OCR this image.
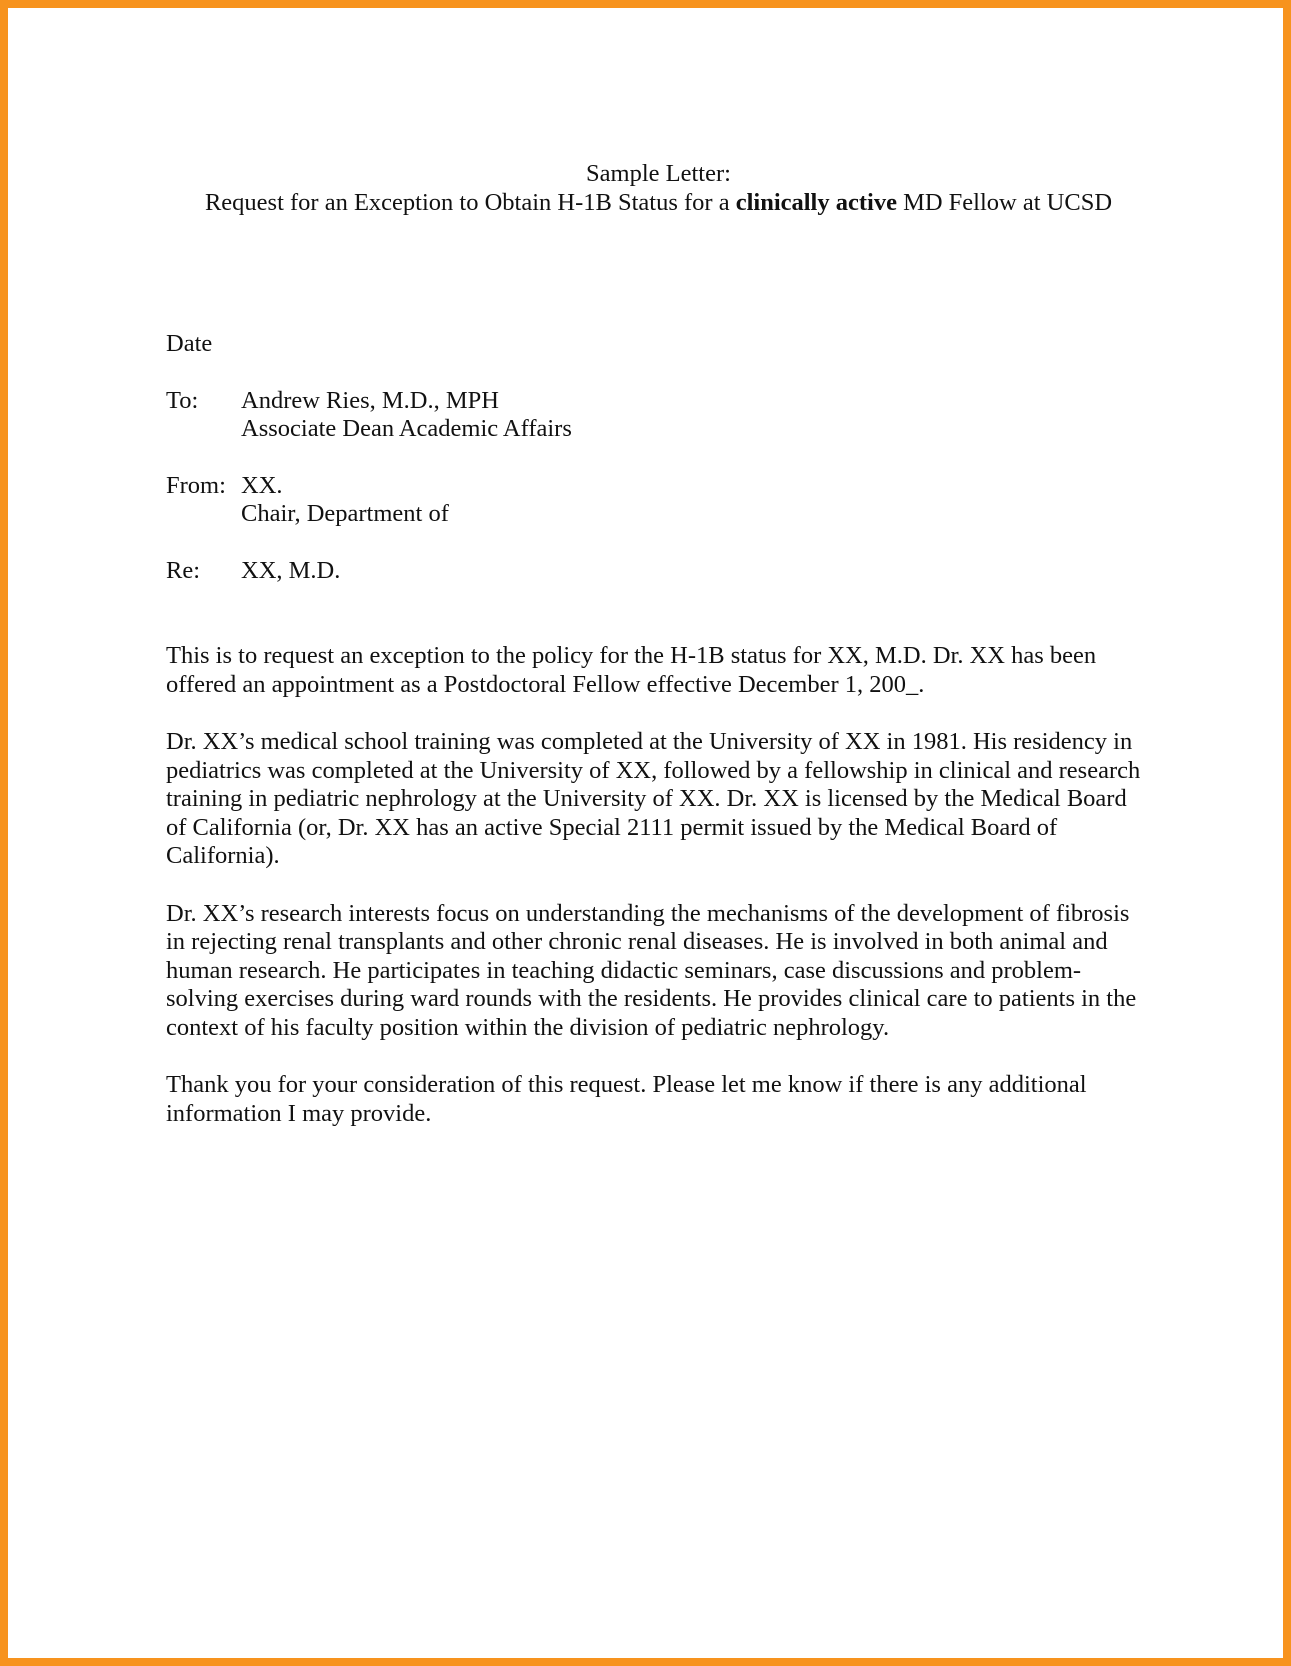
Sample Letter:
Request for an Exception to Obtain H-1B Status for a clinically active MD Fellow at UCSD
Date
To:	Andrew Ries, M.D., MPH
Associate Dean Academic Affairs
From: XX.
Chair, Department of
Re:	XX, M.D.

This is to request an exception to the policy for the H-1B status for XX, M.D. Dr. XX has been offered an appointment as a Postdoctoral Fellow effective December 1, 200_.

Dr. XX’s medical school training was completed at the University of XX in 1981. His residency in pediatrics was completed at the University of XX, followed by a fellowship in clinical and research training in pediatric nephrology at the University of XX. Dr. XX is licensed by the Medical Board of California (or, Dr. XX has an active Special 2111 permit issued by the Medical Board of California).

Dr. XX’s research interests focus on understanding the mechanisms of the development of fibrosis in rejecting renal transplants and other chronic renal diseases. He is involved in both animal and human research. He participates in teaching didactic seminars, case discussions and problem-solving exercises during ward rounds with the residents. He provides clinical care to patients in the context of his faculty position within the division of pediatric nephrology.

Thank you for your consideration of this request. Please let me know if there is any additional information I may provide.
